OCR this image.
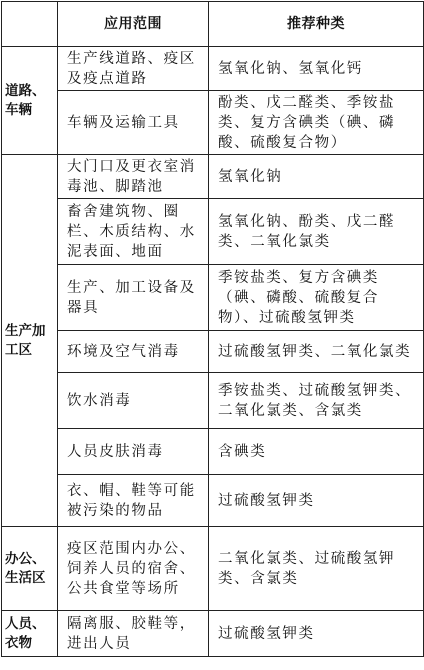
	应用范围	推荐种类
道路、车辆	生产线道路、疫区及疫点道路	氢氧化钠、氢氧化钙
	车辆及运输工具	酚类、戊二醛类、季铵盐类、复方含碘类（碘、磷酸、硫酸复合物）
生产加工区	大门口及更衣室消毒池、脚踏池	氢氧化钠
	畜舍建筑物、圈栏、木质结构、水泥表面、地面	氢氧化钠、酚类、戊二醛类、二氧化氯类
	生产、加工设备及器具	季铵盐类、复方含碘类（碘、磷酸、硫酸复合物）、过硫酸氢钾类
	环境及空气消毒	过硫酸氢钾类、二氧化氯类
	饮水消毒	季铵盐类、过硫酸氢钾类、二氧化氯类、含氯类
	人员皮肤消毒	含碘类
	衣、帽、鞋等可能被污染的物品	过硫酸氢钾类
办公、生活区	疫区范围内办公、饲养人员的宿舍、公共食堂等场所	二氧化氯类、过硫酸氢钾类、含氯类
人员、衣物	隔离服、胶鞋等，进出人员	过硫酸氢钾类
